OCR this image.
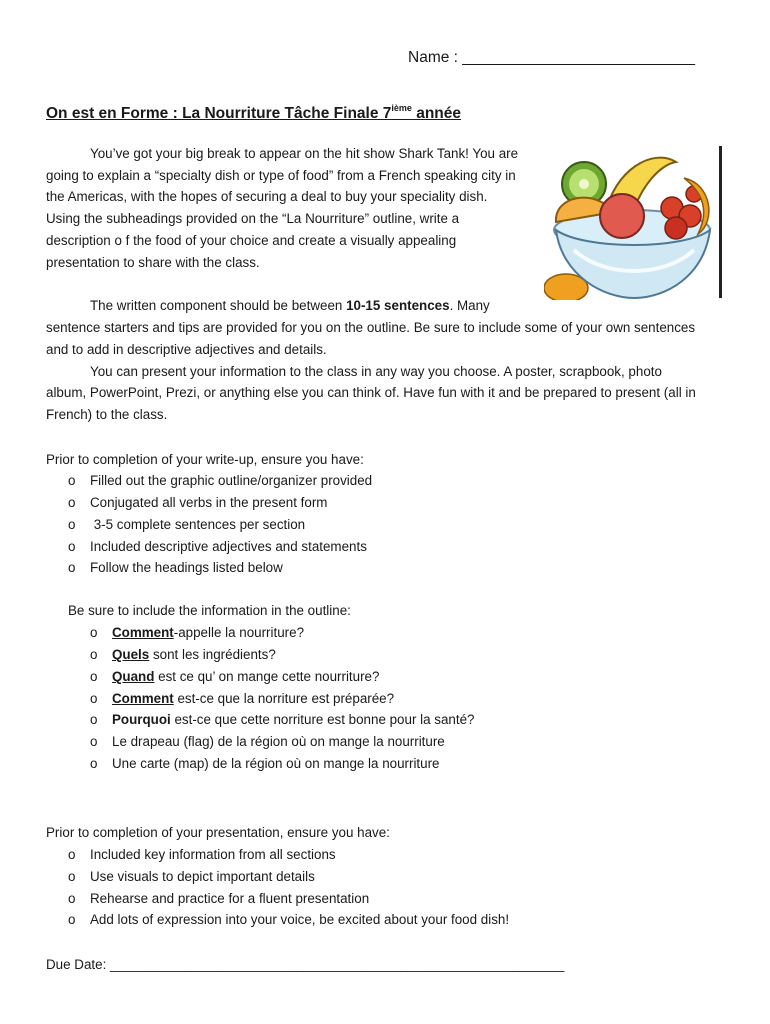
Name : ___________________________
On est en Forme : La Nourriture Tâche Finale 7ième année
You’ve got your big break to appear on the hit show Shark Tank! You are
going to explain a “specialty dish or type of food” from a French speaking city in
the Americas, with the hopes of securing a deal to buy your speciality dish.
Using the subheadings provided on the “La Nourriture” outline, write a
description o f the food of your choice and create a visually appealing
presentation to share with the class.
The written component should be between 10-15 sentences. Many
sentence starters and tips are provided for you on the outline. Be sure to include some of your own sentences
and to add in descriptive adjectives and details.
You can present your information to the class in any way you choose. A poster, scrapbook, photo
album, PowerPoint, Prezi, or anything else you can think of. Have fun with it and be prepared to present (all in
French) to the class.
Prior to completion of your write-up, ensure you have:
o Filled out the graphic outline/organizer provided
o Conjugated all verbs in the present form
o 3-5 complete sentences per section
o Included descriptive adjectives and statements
o Follow the headings listed below
Be sure to include the information in the outline:
o Comment-appelle la nourriture?
o Quels sont les ingrédients?
o Quand est ce qu’ on mange cette nourriture?
o Comment est-ce que la norriture est préparée?
o Pourquoi est-ce que cette norriture est bonne pour la santé?
o Le drapeau (flag) de la région où on mange la nourriture
o Une carte (map) de la région où on mange la nourriture
Prior to completion of your presentation, ensure you have:
o Included key information from all sections
o Use visuals to depict important details
o Rehearse and practice for a fluent presentation
o Add lots of expression into your voice, be excited about your food dish!
Due Date: _____________________________________________________________
